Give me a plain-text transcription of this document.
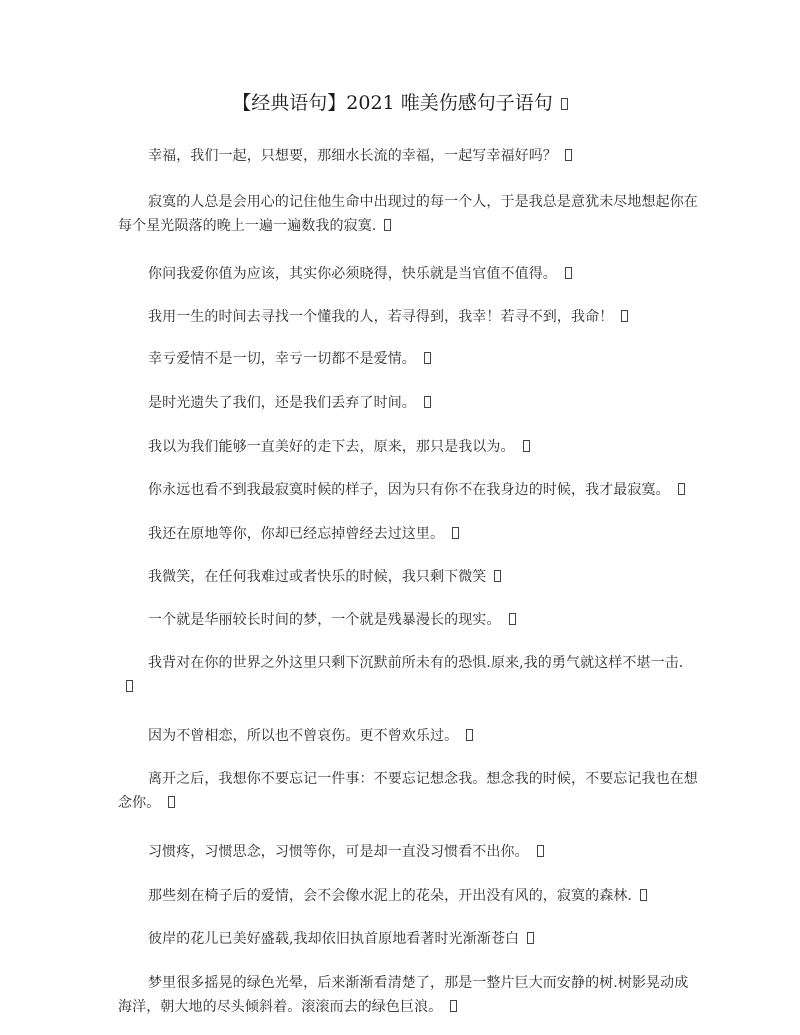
【经典语句】2021 唯美伤感句子语句
幸福，我们一起，只想要，那细水长流的幸福，一起写幸福好吗？
寂寞的人总是会用心的记住他生命中出现过的每一个人，于是我总是意犹未尽地想起你在每个星光陨落的晚上一遍一遍数我的寂寞.
你问我爱你值为应该，其实你必须晓得，快乐就是当官值不值得。
我用一生的时间去寻找一个懂我的人，若寻得到，我幸！若寻不到，我命！
幸亏爱情不是一切，幸亏一切都不是爱情。
是时光遗失了我们，还是我们丢弃了时间。
我以为我们能够一直美好的走下去，原来，那只是我以为。
你永远也看不到我最寂寞时候的样子，因为只有你不在我身边的时候，我才最寂寞。
我还在原地等你，你却已经忘掉曾经去过这里。
我微笑，在任何我难过或者快乐的时候，我只剩下微笑
一个就是华丽较长时间的梦，一个就是残暴漫长的现实。
我背对在你的世界之外这里只剩下沉默前所未有的恐惧.原来,我的勇气就这样不堪一击.
因为不曾相恋，所以也不曾哀伤。更不曾欢乐过。
离开之后，我想你不要忘记一件事：不要忘记想念我。想念我的时候，不要忘记我也在想念你。
习惯疼，习惯思念，习惯等你，可是却一直没习惯看不出你。
那些刻在椅子后的爱情，会不会像水泥上的花朵，开出没有风的，寂寞的森林.
彼岸的花儿已美好盛载,我却依旧执首原地看著时光渐渐苍白
梦里很多摇晃的绿色光晕，后来渐渐看清楚了，那是一整片巨大而安静的树.树影晃动成海洋，朝大地的尽头倾斜着。滚滚而去的绿色巨浪。
